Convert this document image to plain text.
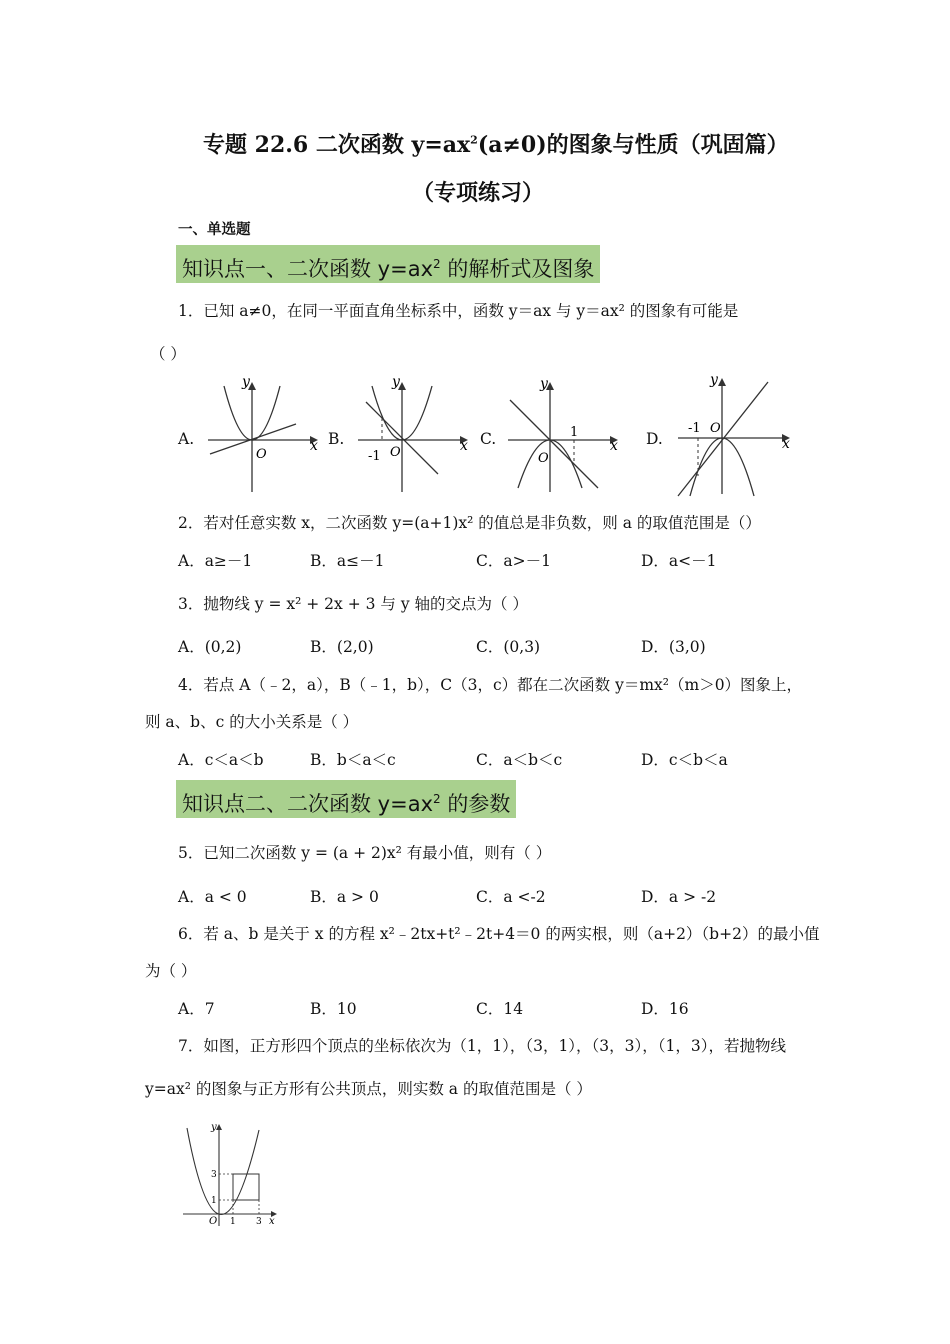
专题 22.6 二次函数 $y=ax^2(a\ne 0)$的图象与性质（巩固篇）
（专项练习）
一、单选题
知识点一、二次函数 $y=ax^2$ 的解析式及图象
1．已知 a≠0，在同一平面直角坐标系中，函数 y＝ax 与 y＝ax² 的图象有可能是
（ ）
A.
y
x
O
B.
y
x
O
-1
C.
y
x
O
1	D.
y
x
O
-1
2．若对任意实数 x，二次函数 y=(a+1)x² 的值总是非负数，则 a 的取值范围是（）
A．a≥－1	B．a≤－1	C．a>－1	D．a<－1
3．抛物线 y = x² + 2x + 3 与 y 轴的交点为（ ）
A．(0,2)	B．(2,0)	C．(0,3)	D．(3,0)
4．若点 A（﹣2，a），B（﹣1，b），C（3，c）都在二次函数 y＝mx²（m＞0）图象上，
则 a、b、c 的大小关系是（ ）
A．c＜a＜b	B．b＜a＜c	C．a＜b＜c	D．c＜b＜a
知识点二、二次函数 $y=ax^2$ 的参数
5．已知二次函数 y = (a + 2)x² 有最小值，则有（ ）
A．a < 0	B．a > 0	C．a <-2	D．a > -2
6．若 a、b 是关于 x 的方程 x²﹣2tx+t²﹣2t+4＝0 的两实根，则（a+2）（b+2）的最小值
为（ ）
A．7	B．10	C．14	D．16
7．如图，正方形四个顶点的坐标依次为（1，1），（3，1），（3，3），（1，3），若抛物线
y=ax² 的图象与正方形有公共顶点，则实数 a 的取值范围是（ ）
y
x
O 1 3
1
3
